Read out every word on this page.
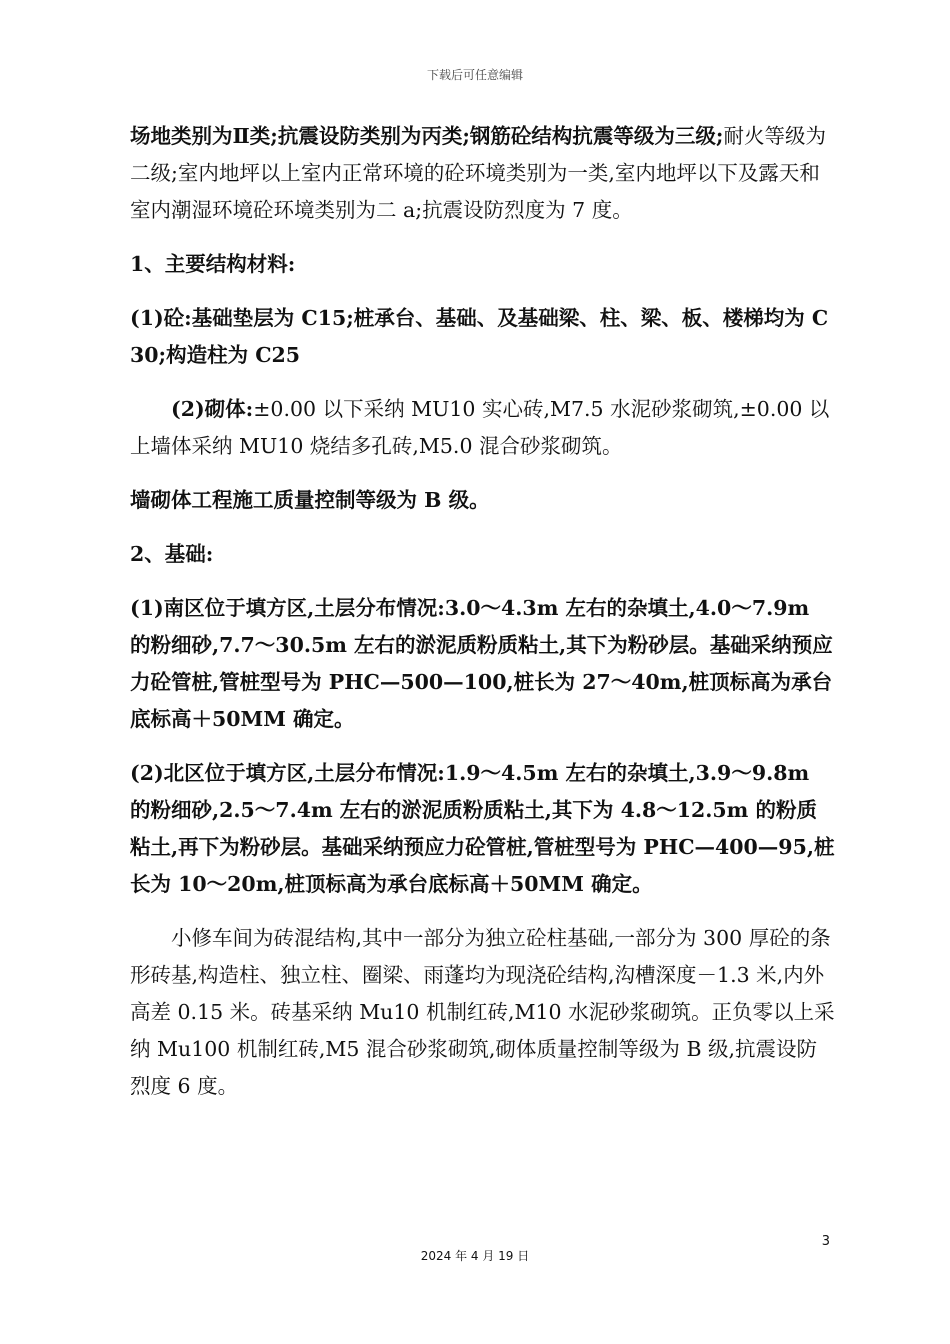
下载后可任意编辑

场地类别为Ⅱ类;抗震设防类别为丙类;钢筋砼结构抗震等级为三级;耐火等级为二级;室内地坪以上室内正常环境的砼环境类别为一类,室内地坪以下及露天和室内潮湿环境砼环境类别为二 a;抗震设防烈度为 7 度。

1、主要结构材料:

(1)砼:基础垫层为 C15;桩承台、基础、及基础梁、柱、梁、板、楼梯均为 C30;构造柱为 C25

(2)砌体:±0.00 以下采纳 MU10 实心砖,M7.5 水泥砂浆砌筑,±0.00 以上墙体采纳 MU10 烧结多孔砖,M5.0 混合砂浆砌筑。

墙砌体工程施工质量控制等级为 B 级。

2、基础:

(1)南区位于填方区,土层分布情况:3.0～4.3m 左右的杂填土,4.0～7.9m 的粉细砂,7.7～30.5m 左右的淤泥质粉质粘土,其下为粉砂层。基础采纳预应力砼管桩,管桩型号为 PHC—500—100,桩长为 27～40m,桩顶标高为承台底标高＋50MM 确定。

(2)北区位于填方区,土层分布情况:1.9～4.5m 左右的杂填土,3.9～9.8m 的粉细砂,2.5～7.4m 左右的淤泥质粉质粘土,其下为 4.8～12.5m 的粉质粘土,再下为粉砂层。基础采纳预应力砼管桩,管桩型号为 PHC—400—95,桩长为 10～20m,桩顶标高为承台底标高＋50MM 确定。

小修车间为砖混结构,其中一部分为独立砼柱基础,一部分为 300 厚砼的条形砖基,构造柱、独立柱、圈梁、雨蓬均为现浇砼结构,沟槽深度－1.3 米,内外高差 0.15 米。砖基采纳 Mu10 机制红砖,M10 水泥砂浆砌筑。正负零以上采纳 Mu100 机制红砖,M5 混合砂浆砌筑,砌体质量控制等级为 B 级,抗震设防烈度 6 度。

3
2024 年 4 月 19 日
